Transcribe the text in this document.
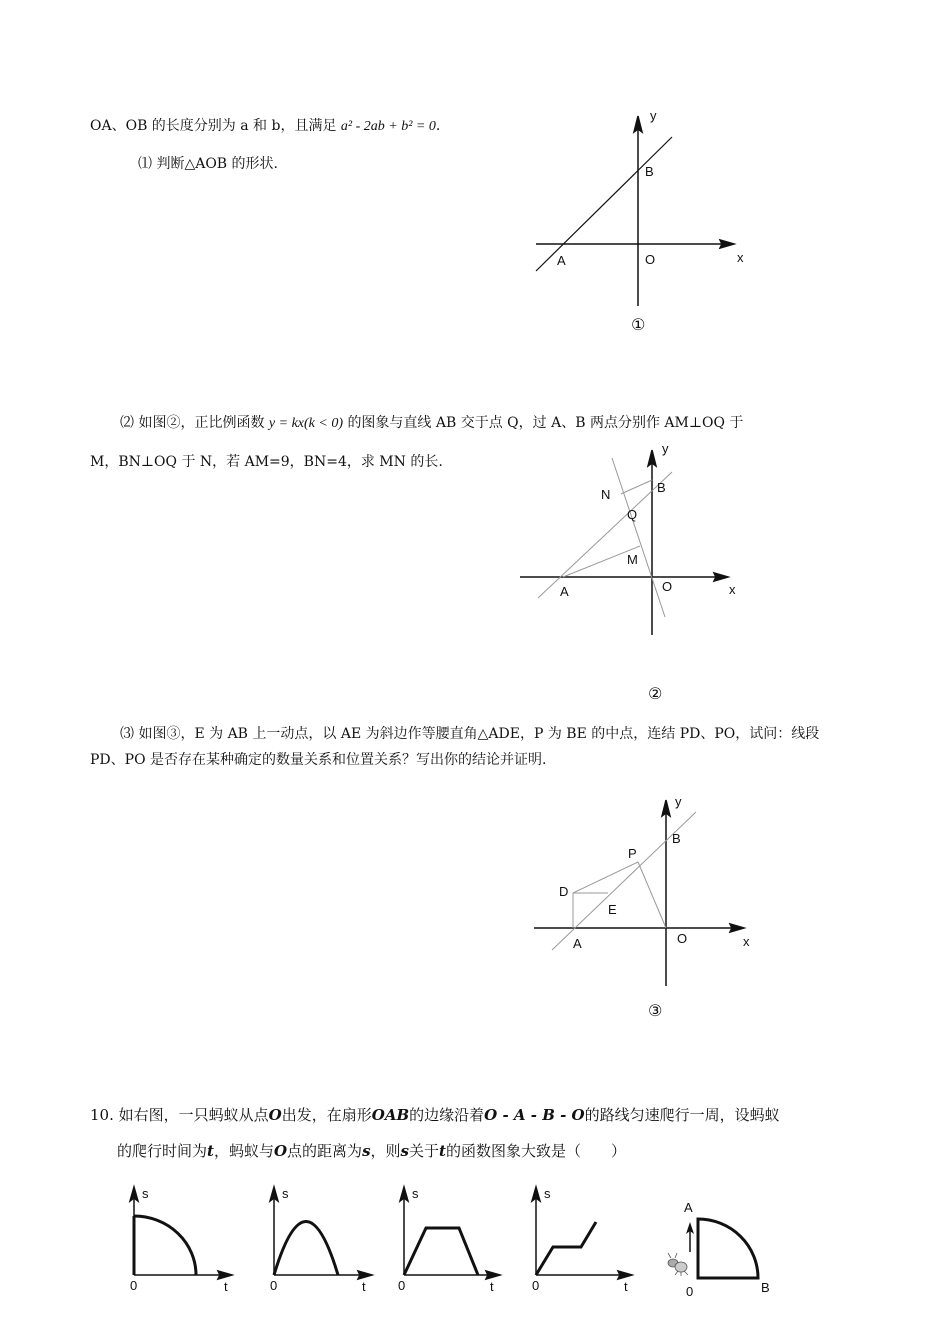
OA、OB 的长度分别为 a 和 b，且满足 a² - 2ab + b² = 0.
⑴ 判断△AOB 的形状.
y
B
A	O	x
①
⑵ 如图②，正比例函数 y = kx(k < 0) 的图象与直线 AB 交于点 Q，过 A、B 两点分别作 AM⊥OQ 于
M，BN⊥OQ 于 N，若 AM=9，BN=4，求 MN 的长.
y
B
N
Q
M
A	O	x
②
⑶ 如图③，E 为 AB 上一动点，以 AE 为斜边作等腰直角△ADE，P 为 BE 的中点，连结 PD、PO，试问：线段
PD、PO 是否存在某种确定的数量关系和位置关系？写出你的结论并证明.
y
B
P
D
E
A	O	x
③
10. 如右图，一只蚂蚁从点O出发，在扇形OAB的边缘沿着O - A - B - O的路线匀速爬行一周，设蚂蚁
的爬行时间为t，蚂蚁与O点的距离为s，则s关于t的函数图象大致是（　　）
s
0	t
s
0	t
s
0	t
s
0	t
A
0	B
